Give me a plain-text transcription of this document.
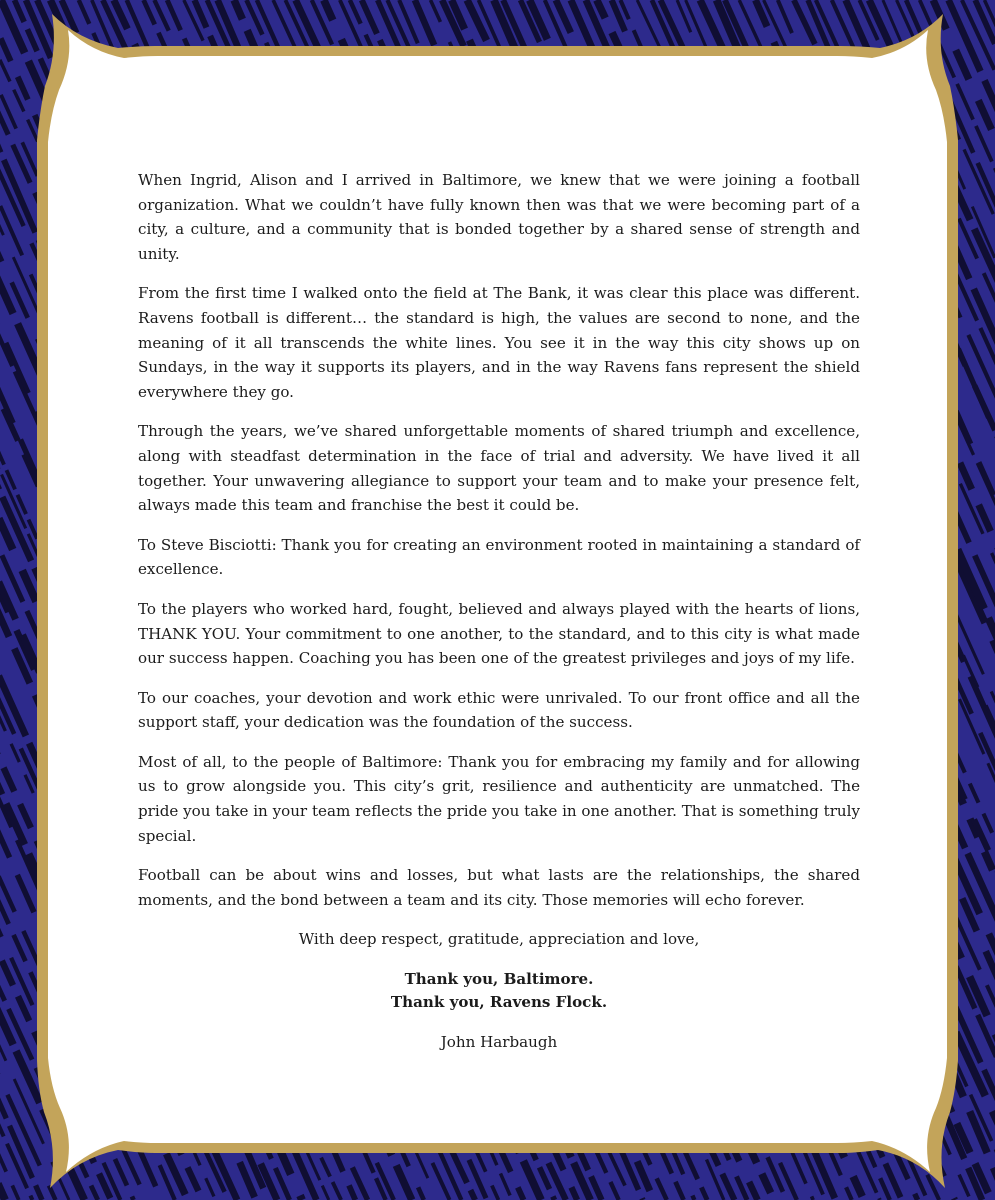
When Ingrid, Alison and I arrived in Baltimore, we knew that we were joining a football organization. What we couldn’t have fully known then was that we were becoming part of a city, a culture, and a community that is bonded together by a shared sense of strength and unity.

From the first time I walked onto the field at The Bank, it was clear this place was different. Ravens football is different… the standard is high, the values are second to none, and the meaning of it all transcends the white lines. You see it in the way this city shows up on Sundays, in the way it supports its players, and in the way Ravens fans represent the shield everywhere they go.

Through the years, we’ve shared unforgettable moments of shared triumph and excellence, along with steadfast determination in the face of trial and adversity. We have lived it all together. Your unwavering allegiance to support your team and to make your presence felt, always made this team and franchise the best it could be.

To Steve Bisciotti: Thank you for creating an environment rooted in maintaining a standard of excellence.

To the players who worked hard, fought, believed and always played with the hearts of lions, THANK YOU. Your commitment to one another, to the standard, and to this city is what made our success happen. Coaching you has been one of the greatest privileges and joys of my life.

To our coaches, your devotion and work ethic were unrivaled. To our front office and all the support staff, your dedication was the foundation of the success.

Most of all, to the people of Baltimore: Thank you for embracing my family and for allowing us to grow alongside you. This city’s grit, resilience and authenticity are unmatched. The pride you take in your team reflects the pride you take in one another. That is something truly special.

Football can be about wins and losses, but what lasts are the relationships, the shared moments, and the bond between a team and its city. Those memories will echo forever.

With deep respect, gratitude, appreciation and love,

Thank you, Baltimore.

Thank you, Ravens Flock.

John Harbaugh
